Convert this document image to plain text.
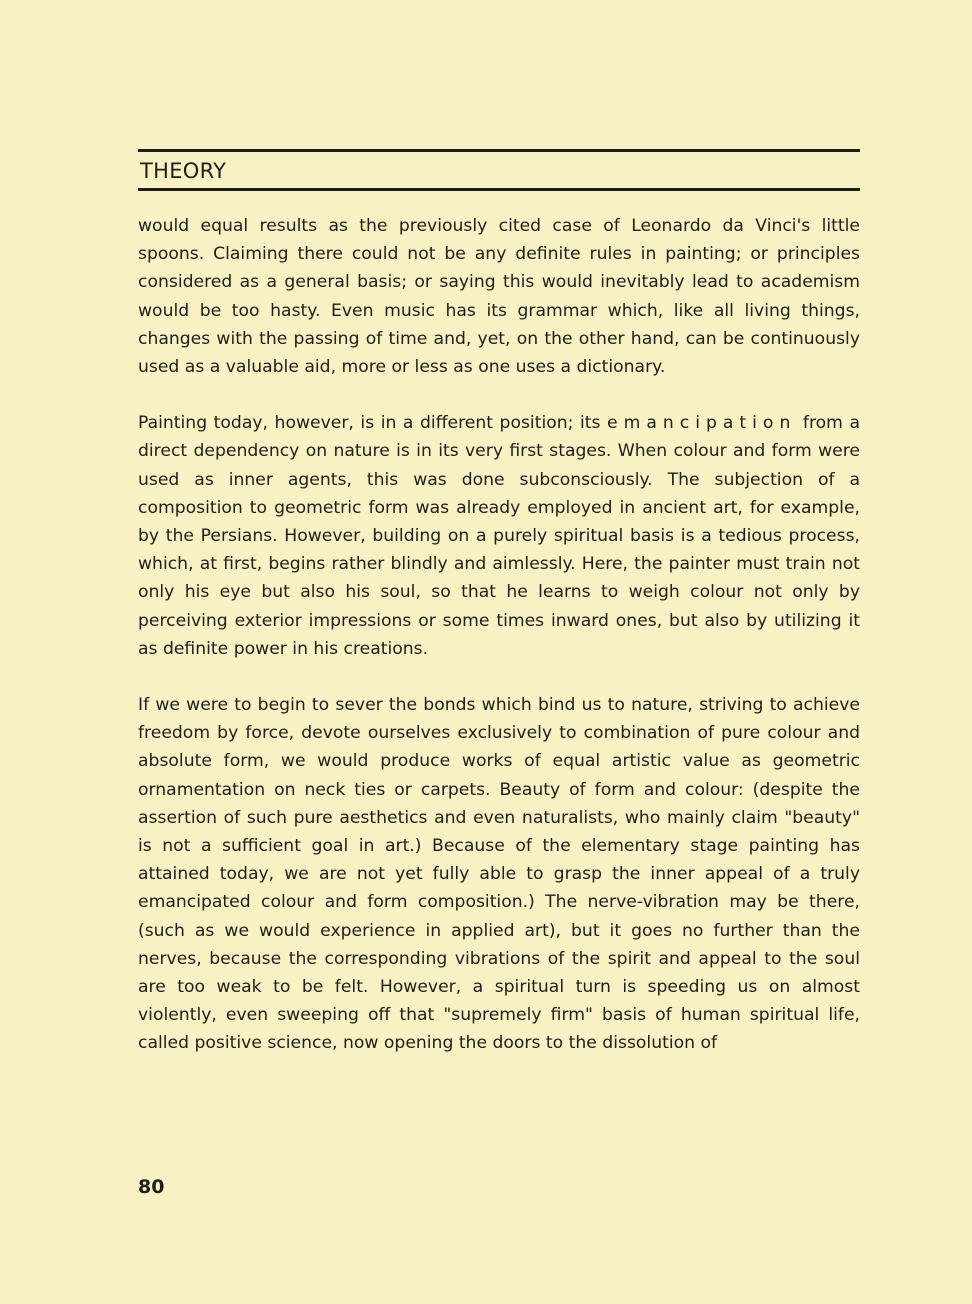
THEORY

would equal results as the previously cited case of Leonardo da Vinci's little spoons. Claiming there could not be any definite rules in painting; or principles considered as a general basis; or saying this would inevitably lead to academism would be too hasty. Even music has its grammar which, like all living things, changes with the passing of time and, yet, on the other hand, can be continuously used as a valuable aid, more or less as one uses a dictionary.

Painting today, however, is in a different position; its emancipation from a direct dependency on nature is in its very first stages. When colour and form were used as inner agents, this was done subconsciously. The subjection of a composition to geometric form was already employed in ancient art, for example, by the Persians. However, building on a purely spiritual basis is a tedious process, which, at first, begins rather blindly and aimlessly. Here, the painter must train not only his eye but also his soul, so that he learns to weigh colour not only by perceiving exterior impressions or some times inward ones, but also by utilizing it as definite power in his creations.

If we were to begin to sever the bonds which bind us to nature, striving to achieve freedom by force, devote ourselves exclusively to combination of pure colour and absolute form, we would produce works of equal artistic value as geometric ornamentation on neck ties or carpets. Beauty of form and colour: (despite the assertion of such pure aesthetics and even naturalists, who mainly claim "beauty" is not a sufficient goal in art.) Because of the elementary stage painting has attained today, we are not yet fully able to grasp the inner appeal of a truly emancipated colour and form composition.) The nerve-vibration may be there, (such as we would experience in applied art), but it goes no further than the nerves, because the corresponding vibrations of the spirit and appeal to the soul are too weak to be felt. However, a spiritual turn is speeding us on almost violently, even sweeping off that "supremely firm" basis of human spiritual life, called positive science, now opening the doors to the dissolution of

80
